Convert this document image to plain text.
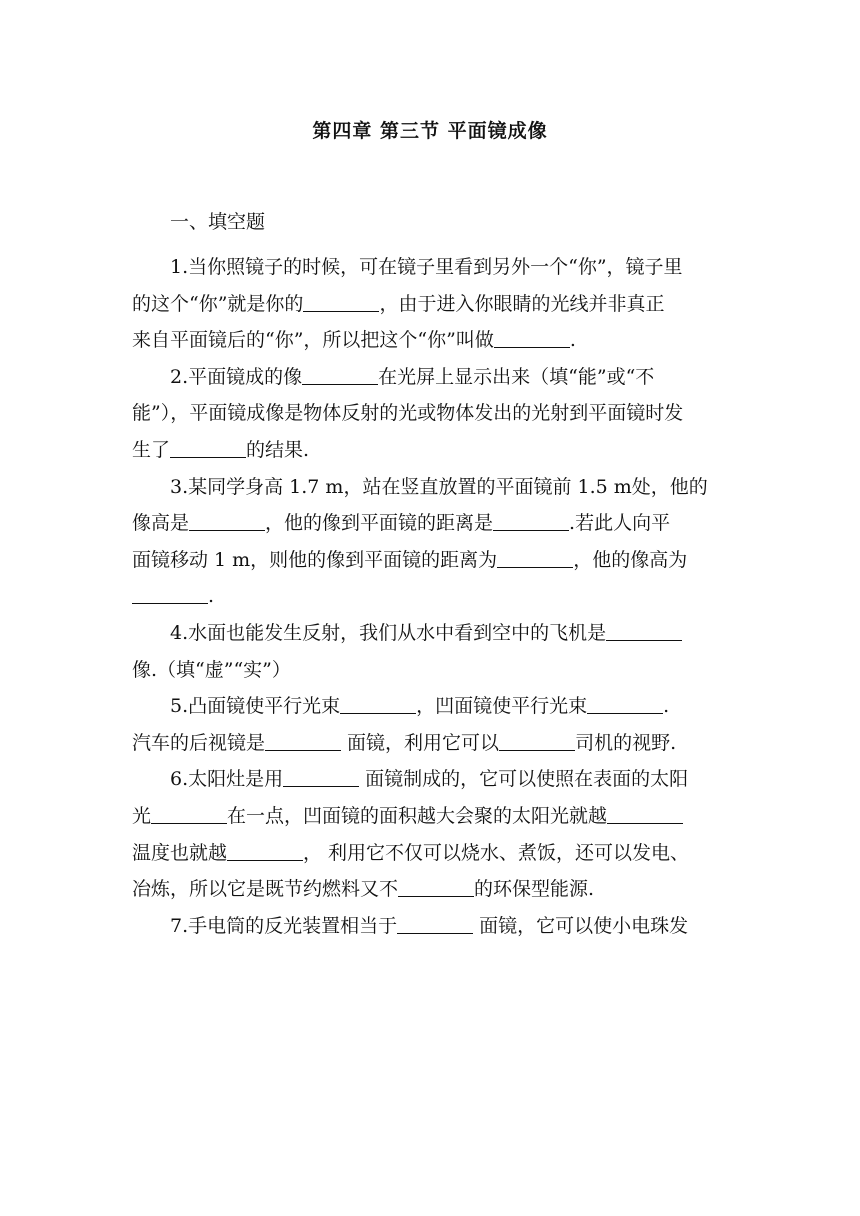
第四章 第三节 平面镜成像
一、填空题
1.当你照镜子的时候，可在镜子里看到另外一个“你”，镜子里
的这个“你”就是你的	，由于进入你眼睛的光线并非真正
来自平面镜后的“你”，所以把这个“你”叫做	.
2.平面镜成的像	在光屏上显示出来（填“能”或“不
能”），平面镜成像是物体反射的光或物体发出的光射到平面镜时发
生了	的结果.
3.某同学身高 1.7 m，站在竖直放置的平面镜前 1.5 m处，他的
像高是	，他的像到平面镜的距离是	.若此人向平
面镜移动 1 m，则他的像到平面镜的距离为	，他的像高为
.
4.水面也能发生反射，我们从水中看到空中的飞机是
像.（填“虚”“实”）
5.凸面镜使平行光束	，凹面镜使平行光束	.
汽车的后视镜是	面镜，利用它可以	司机的视野.
6.太阳灶是用	面镜制成的，它可以使照在表面的太阳
光	在一点，凹面镜的面积越大会聚的太阳光就越
温度也就越	， 利用它不仅可以烧水、煮饭，还可以发电、
冶炼，所以它是既节约燃料又不	的环保型能源.
7.手电筒的反光装置相当于	面镜，它可以使小电珠发
